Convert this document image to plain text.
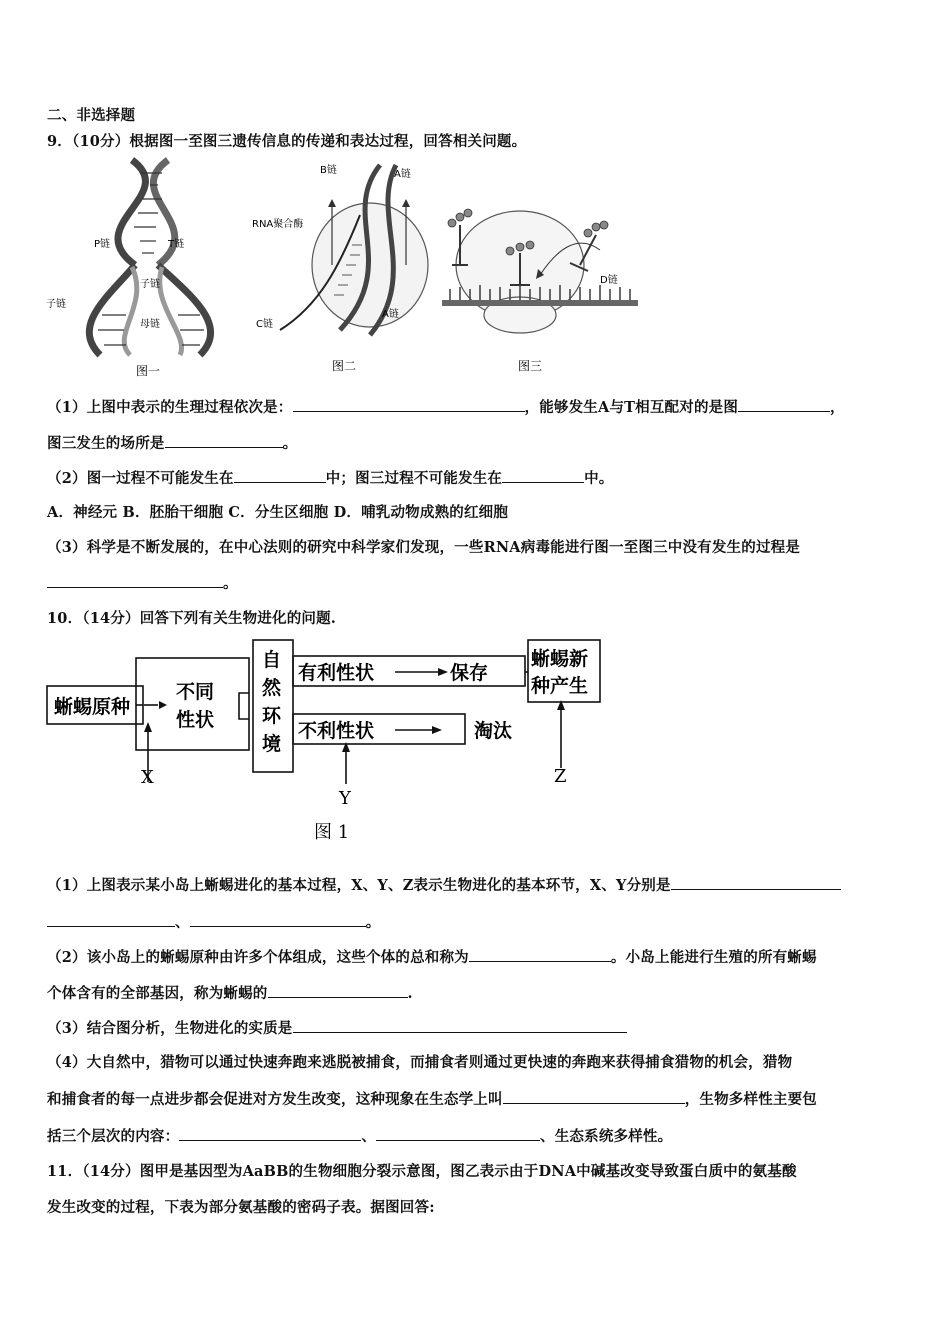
二、非选择题
9．（10分）根据图一至图三遗传信息的传递和表达过程，回答相关问题。
P链	T链
子链
子链
母链
图一
B链	A链
RNA聚合酶
C链
A链
图二
D链
图三
（1）上图中表示的生理过程依次是：	，能够发生A与T相互配对的是图	，
图三发生的场所是	。
（2）图一过程不可能发生在	中；图三过程不可能发生在	中。
A．神经元 B．胚胎干细胞 C．分生区细胞 D．哺乳动物成熟的红细胞
（3）科学是不断发展的，在中心法则的研究中科学家们发现，一些RNA病毒能进行图一至图三中没有发生的过程是
。
10．（14分）回答下列有关生物进化的问题.
蜥蜴原种
不同
性状
自
然
环
境
有利性状	保存
不利性状	淘汰
蜥蜴新
种产生
X
Y
Z
图 1
（1）上图表示某小岛上蜥蜴进化的基本过程，X、Y、Z表示生物进化的基本环节，X、Y分别是
、	。
（2）该小岛上的蜥蜴原种由许多个体组成，这些个体的总和称为	。小岛上能进行生殖的所有蜥蜴
个体含有的全部基因，称为蜥蜴的	.
（3）结合图分析，生物进化的实质是
（4）大自然中，猎物可以通过快速奔跑来逃脱被捕食，而捕食者则通过更快速的奔跑来获得捕食猎物的机会，猎物
和捕食者的每一点进步都会促进对方发生改变，这种现象在生态学上叫	，生物多样性主要包
括三个层次的内容：	、	、生态系统多样性。
11．（14分）图甲是基因型为AaBB的生物细胞分裂示意图，图乙表示由于DNA中碱基改变导致蛋白质中的氨基酸
发生改变的过程，下表为部分氨基酸的密码子表。据图回答:
